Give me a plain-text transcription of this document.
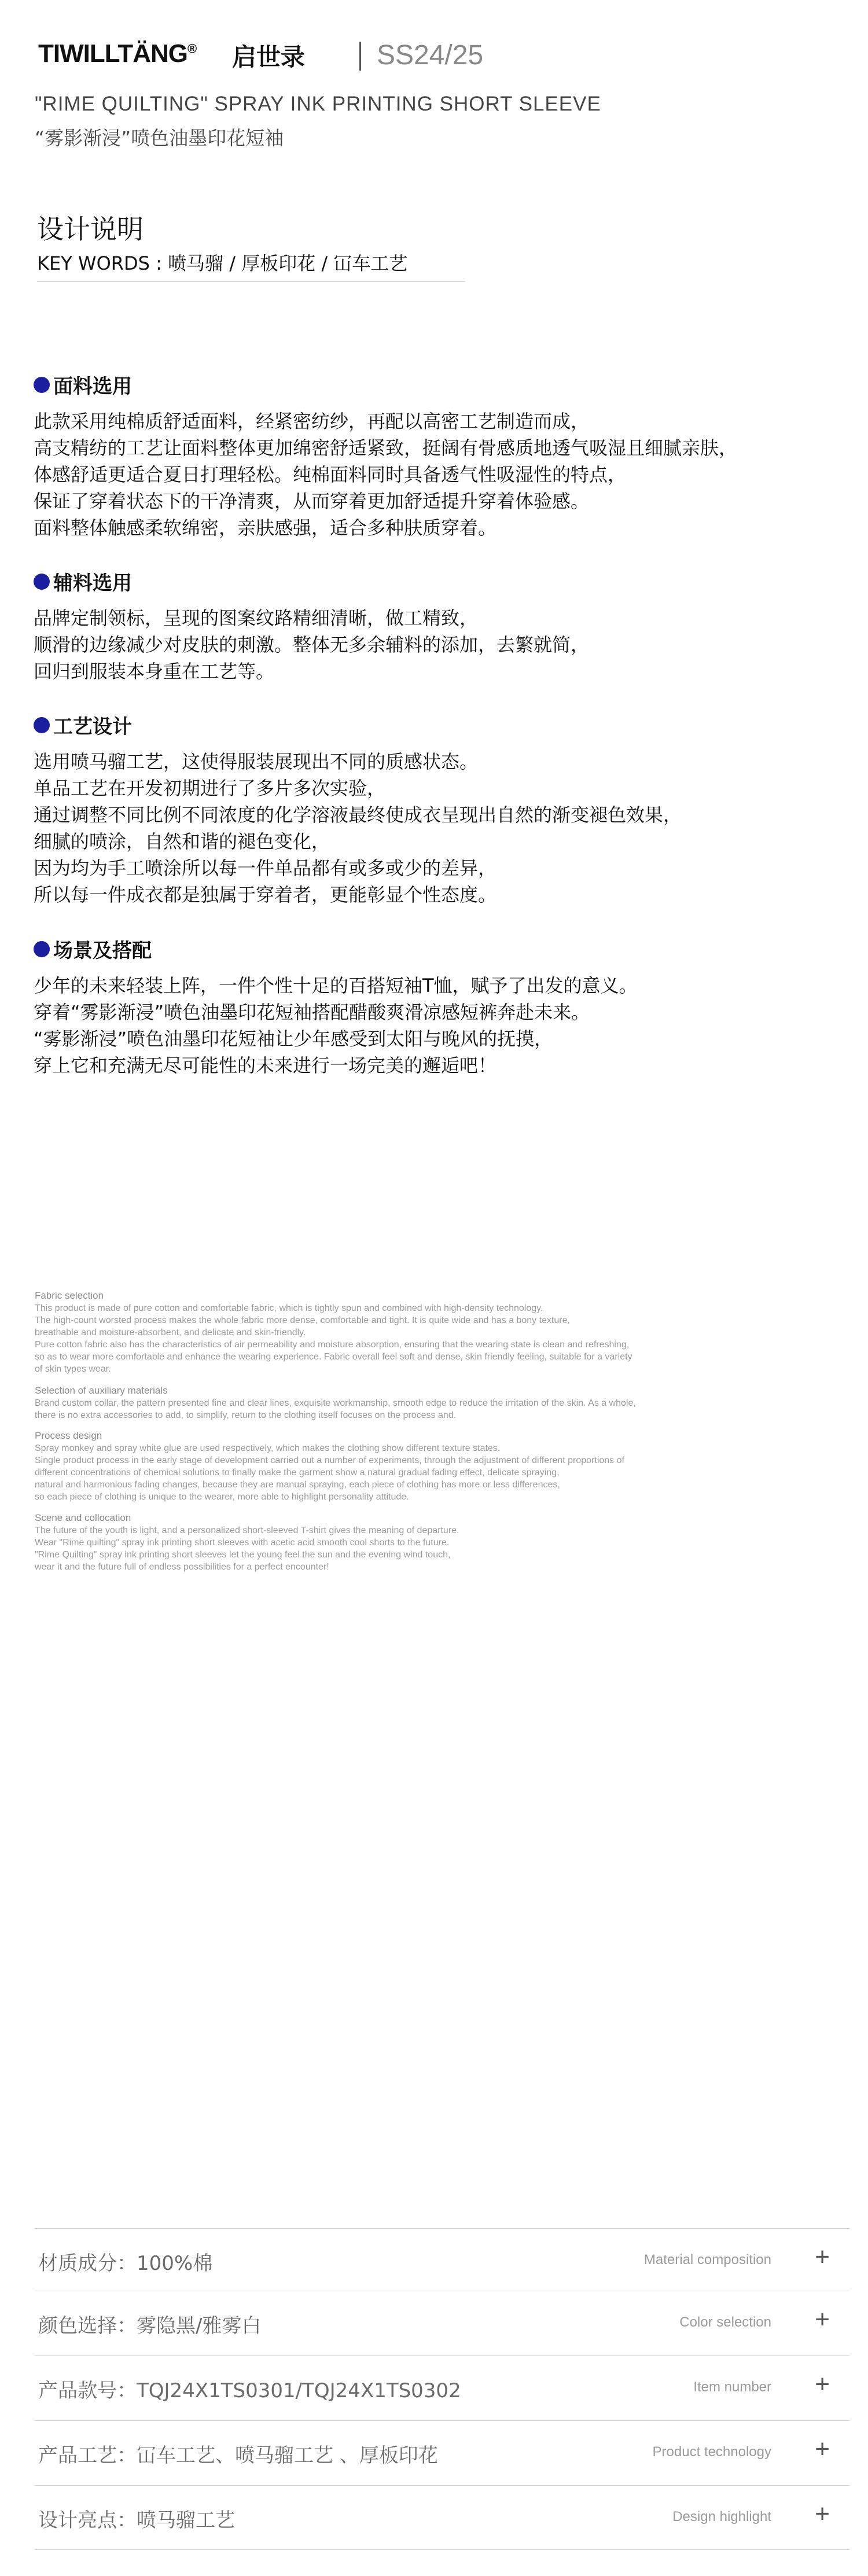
TIWILLTÄNG® 启世录	SS24/25
"RIME QUILTING" SPRAY INK PRINTING SHORT SLEEVE
“雾影渐浸”喷色油墨印花短袖
设计说明
KEY WORDS : 喷马骝 / 厚板印花 / 冚车工艺
面料选用
此款采用纯棉质舒适面料，经紧密纺纱，再配以高密工艺制造而成，
高支精纺的工艺让面料整体更加绵密舒适紧致，挺阔有骨感质地透气吸湿且细腻亲肤，
体感舒适更适合夏日打理轻松。纯棉面料同时具备透气性吸湿性的特点，
保证了穿着状态下的干净清爽，从而穿着更加舒适提升穿着体验感。
面料整体触感柔软绵密，亲肤感强，适合多种肤质穿着。
辅料选用
品牌定制领标，呈现的图案纹路精细清晰，做工精致，
顺滑的边缘减少对皮肤的刺激。整体无多余辅料的添加，去繁就简，
回归到服装本身重在工艺等。
工艺设计
选用喷马骝工艺，这使得服装展现出不同的质感状态。
单品工艺在开发初期进行了多片多次实验，
通过调整不同比例不同浓度的化学溶液最终使成衣呈现出自然的渐变褪色效果，
细腻的喷涂，自然和谐的褪色变化，
因为均为手工喷涂所以每一件单品都有或多或少的差异，
所以每一件成衣都是独属于穿着者，更能彰显个性态度。
场景及搭配
少年的未来轻装上阵，一件个性十足的百搭短袖T恤，赋予了出发的意义。
穿着“雾影渐浸”喷色油墨印花短袖搭配醋酸爽滑凉感短裤奔赴未来。
“雾影渐浸”喷色油墨印花短袖让少年感受到太阳与晚风的抚摸，
穿上它和充满无尽可能性的未来进行一场完美的邂逅吧！
Fabric selection
This product is made of pure cotton and comfortable fabric, which is tightly spun and combined with high-density technology.
The high-count worsted process makes the whole fabric more dense, comfortable and tight. It is quite wide and has a bony texture,
breathable and moisture-absorbent, and delicate and skin-friendly.
Pure cotton fabric also has the characteristics of air permeability and moisture absorption, ensuring that the wearing state is clean and refreshing,
so as to wear more comfortable and enhance the wearing experience. Fabric overall feel soft and dense, skin friendly feeling, suitable for a variety
of skin types wear.
Selection of auxiliary materials
Brand custom collar, the pattern presented fine and clear lines, exquisite workmanship, smooth edge to reduce the irritation of the skin. As a whole,
there is no extra accessories to add, to simplify, return to the clothing itself focuses on the process and.
Process design
Spray monkey and spray white glue are used respectively, which makes the clothing show different texture states.
Single product process in the early stage of development carried out a number of experiments, through the adjustment of different proportions of
different concentrations of chemical solutions to finally make the garment show a natural gradual fading effect, delicate spraying,
natural and harmonious fading changes, because they are manual spraying, each piece of clothing has more or less differences,
so each piece of clothing is unique to the wearer, more able to highlight personality attitude.
Scene and collocation
The future of the youth is light, and a personalized short-sleeved T-shirt gives the meaning of departure.
Wear "Rime quilting" spray ink printing short sleeves with acetic acid smooth cool shorts to the future.
"Rime Quilting" spray ink printing short sleeves let the young feel the sun and the evening wind touch,
wear it and the future full of endless possibilities for a perfect encounter!
材质成分：100%棉	Material composition +
颜色选择：雾隐黑/雅雾白	Color selection +
产品款号：TQJ24X1TS0301/TQJ24X1TS0302	Item number +
产品工艺：冚车工艺、喷马骝工艺 、厚板印花	Product technology +
设计亮点：喷马骝工艺	Design highlight +
